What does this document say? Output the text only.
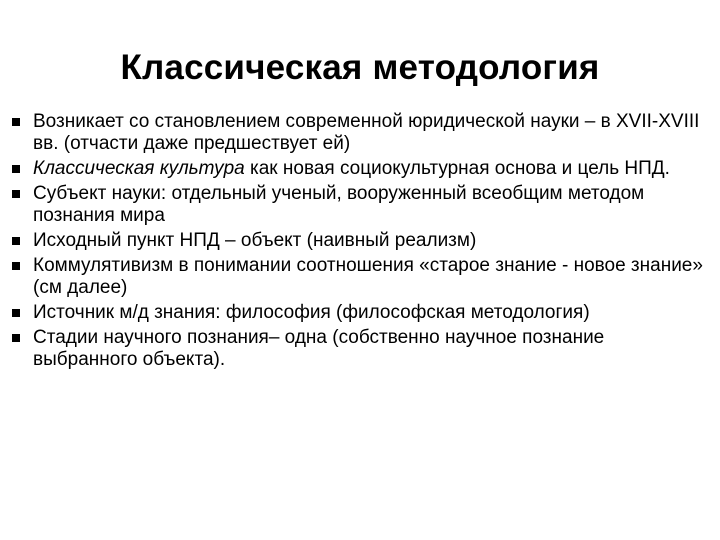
Классическая методология
Возникает со становлением современной юридической науки – в XVII-XVIII вв. (отчасти даже предшествует ей)
Классическая культура как новая социокультурная основа и цель НПД.
Субъект науки: отдельный ученый, вооруженный всеобщим методом познания мира
Исходный пункт НПД – объект (наивный реализм)
Коммулятивизм в понимании соотношения «старое знание - новое знание» (см далее)
Источник м/д знания: философия (философская методология)
Стадии научного познания– одна (собственно научное познание выбранного объекта).
